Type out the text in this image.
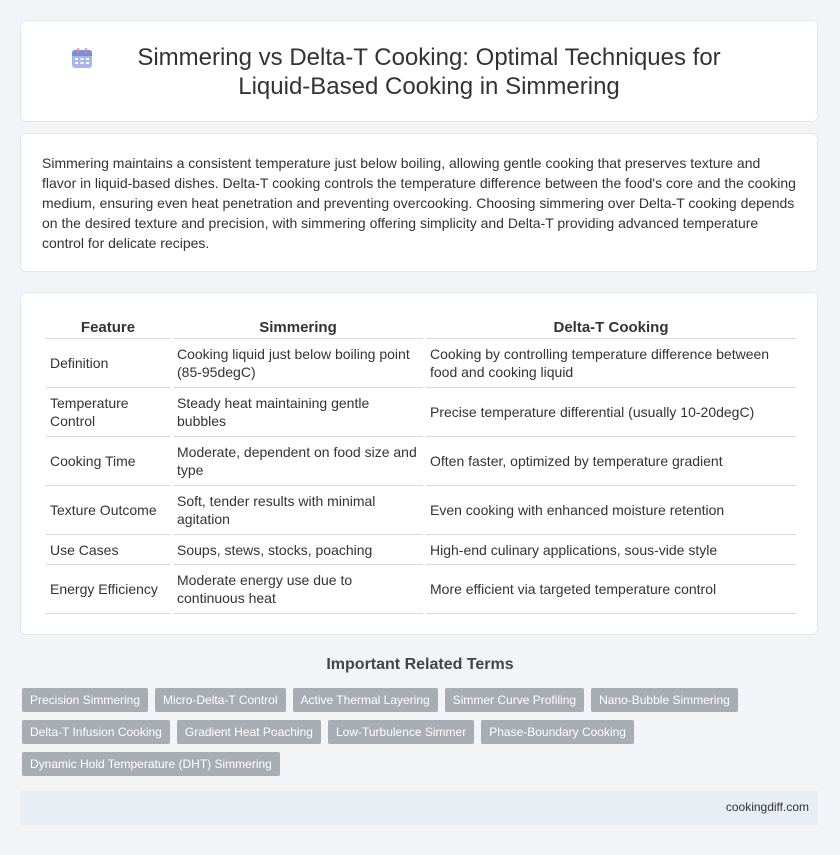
Simmering vs Delta-T Cooking: Optimal Techniques for Liquid-Based Cooking in Simmering

Simmering maintains a consistent temperature just below boiling, allowing gentle cooking that preserves texture and flavor in liquid-based dishes. Delta-T cooking controls the temperature difference between the food's core and the cooking medium, ensuring even heat penetration and preventing overcooking. Choosing simmering over Delta-T cooking depends on the desired texture and precision, with simmering offering simplicity and Delta-T providing advanced temperature control for delicate recipes.

Feature	Simmering	Delta-T Cooking
Definition	Cooking liquid just below boiling point (85-95degC)	Cooking by controlling temperature difference between food and cooking liquid
Temperature Control	Steady heat maintaining gentle bubbles	Precise temperature differential (usually 10-20degC)
Cooking Time	Moderate, dependent on food size and type	Often faster, optimized by temperature gradient
Texture Outcome	Soft, tender results with minimal agitation	Even cooking with enhanced moisture retention
Use Cases	Soups, stews, stocks, poaching	High-end culinary applications, sous-vide style
Energy Efficiency	Moderate energy use due to continuous heat	More efficient via targeted temperature control
Important Related Terms
Precision Simmering	Micro-Delta-T Control	Active Thermal Layering	Simmer Curve Profiling	Nano-Bubble Simmering
Delta-T Infusion Cooking	Gradient Heat Poaching	Low-Turbulence Simmer	Phase-Boundary Cooking
Dynamic Hold Temperature (DHT) Simmering
cookingdiff.com
